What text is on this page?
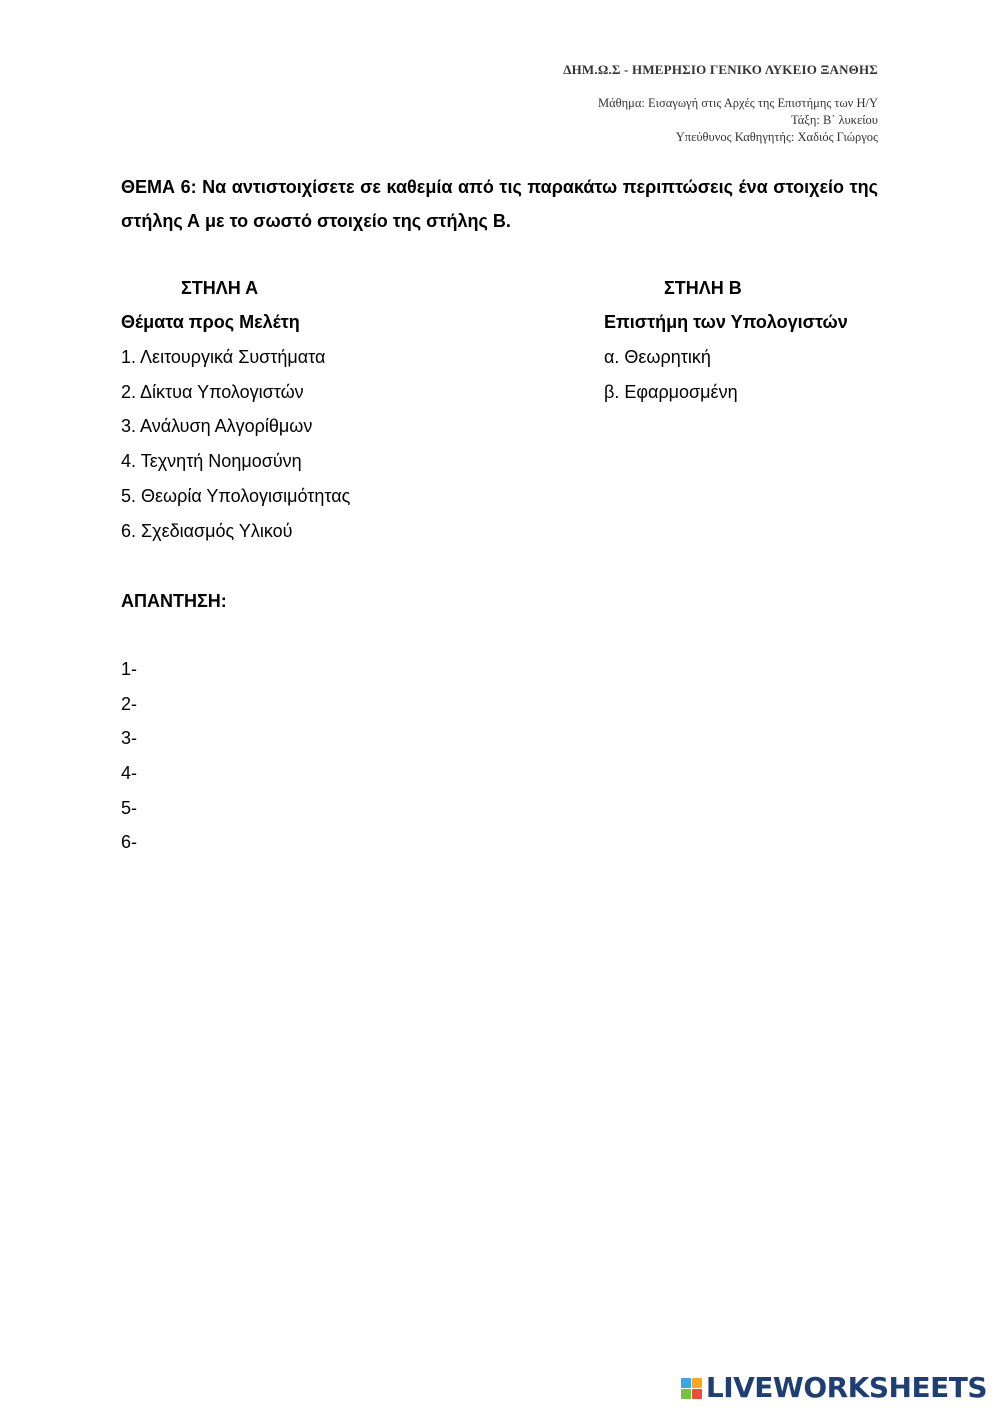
ΔΗΜ.Ω.Σ - ΗΜΕΡΗΣΙΟ ΓΕΝΙΚΟ ΛΥΚΕΙΟ ΞΑΝΘΗΣ
Μάθημα: Εισαγωγή στις Αρχές της Επιστήμης των Η/Υ
Τάξη: Β΄ λυκείου
Υπεύθυνος Καθηγητής: Χαδιός Γιώργος
ΘΕΜΑ 6: Να αντιστοιχίσετε σε καθεμία από τις παρακάτω περιπτώσεις ένα στοιχείο της στήλης Α με το σωστό στοιχείο της στήλης Β.
ΣΤΗΛΗ Α
Θέματα προς Μελέτη
1. Λειτουργικά Συστήματα
2. Δίκτυα Υπολογιστών
3. Ανάλυση Αλγορίθμων
4. Τεχνητή Νοημοσύνη
5. Θεωρία Υπολογισιμότητας
6. Σχεδιασμός Υλικού
ΣΤΗΛΗ Β
Επιστήμη των Υπολογιστών
α. Θεωρητική
β. Εφαρμοσμένη
ΑΠΑΝΤΗΣΗ:
1-
2-
3-
4-
5-
6-
LIVEWORKSHEETS
